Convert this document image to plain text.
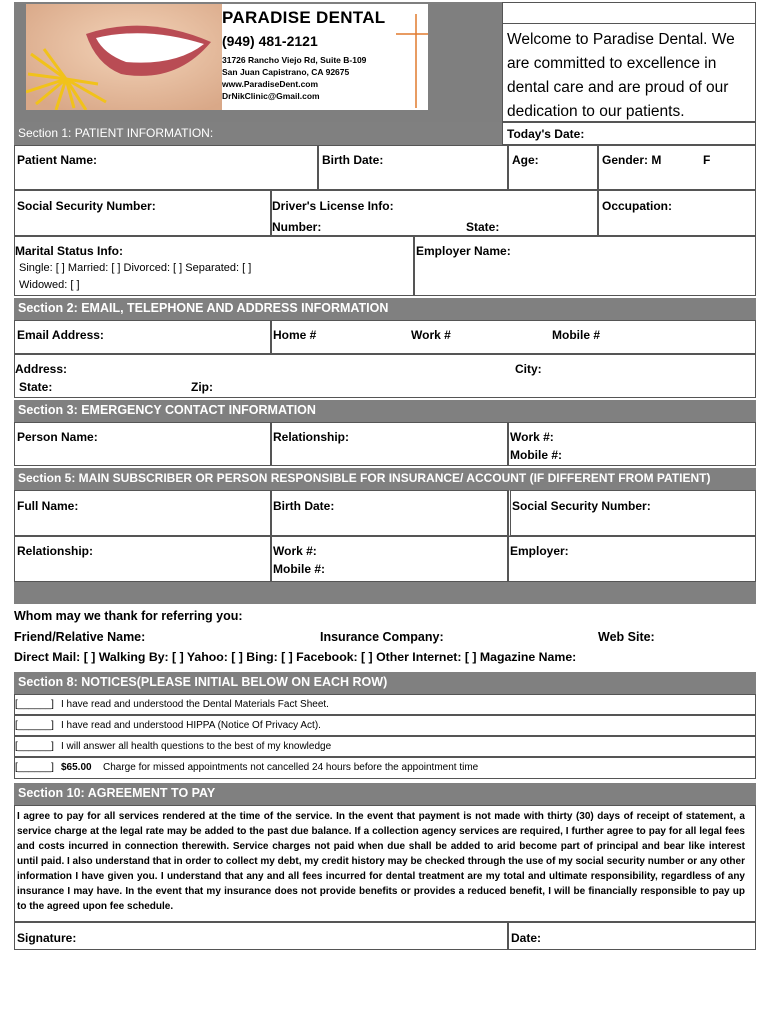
PARADISE DENTAL
(949) 481-2121
31726 Rancho Viejo Rd, Suite B-109
San Juan Capistrano, CA 92675
www.ParadiseDent.com
DrNikClinic@Gmail.com
Welcome to Paradise Dental. We are committed to excellence in dental care and are proud of our dedication to our patients.
Section 1: PATIENT INFORMATION:	Today's Date:
Patient Name:	Birth Date:	Age:	Gender: M	F
Social Security Number:	Driver's License Info:
Number:	State:
Occupation:
Marital Status Info:
Single: [ ] Married: [ ] Divorced: [ ] Separated: [ ]
Widowed: [ ]
Employer Name:
Section 2: EMAIL, TELEPHONE AND ADDRESS INFORMATION
Email Address:	Home #	Work #	Mobile #
Address:	City:
State:	Zip:
Section 3: EMERGENCY CONTACT INFORMATION
Person Name:	Relationship:	Work #:
Mobile #:
Section 5: MAIN SUBSCRIBER OR PERSON RESPONSIBLE FOR INSURANCE/ ACCOUNT (IF DIFFERENT FROM PATIENT)
Full Name:	Birth Date:	Social Security Number:
Relationship:	Work #:
Mobile #:
Employer:
Whom may we thank for referring you:
Friend/Relative Name:	Insurance Company:	Web Site:
Direct Mail: [ ] Walking By: [ ] Yahoo: [ ] Bing: [ ] Facebook: [ ] Other Internet: [ ] Magazine Name:
Section 8: NOTICES(PLEASE INITIAL BELOW ON EACH ROW)
[______] I have read and understood the Dental Materials Fact Sheet.
[______] I have read and understood HIPPA (Notice Of Privacy Act).
[______] I will answer all health questions to the best of my knowledge
[______] $65.00 Charge for missed appointments not cancelled 24 hours before the appointment time
Section 10: AGREEMENT TO PAY
I agree to pay for all services rendered at the time of the service. In the event that payment is not made with thirty (30) days of receipt of statement, a service charge at the legal rate may be added to the past due balance. If a collection agency services are required, I further agree to pay for all legal fees and costs incurred in connection therewith. Service charges not paid when due shall be added to arid become part of principal and bear like interest until paid. I also understand that in order to collect my debt, my credit history may be checked through the use of my social security number or any other information I have given you. I understand that any and all fees incurred for dental treatment are my total and ultimate responsibility, regardless of any insurance I may have. In the event that my insurance does not provide benefits or provides a reduced benefit, I will be financially responsible to pay up to the agreed upon fee schedule.
Signature:	Date:
